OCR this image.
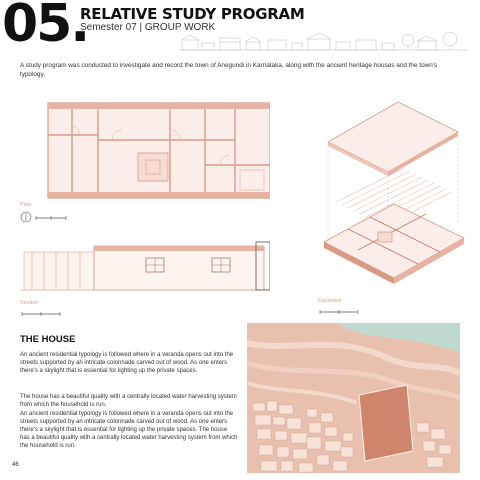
05.
RELATIVE STUDY PROGRAM
Semester 07 | GROUP WORK
A study program was conducted to investigate and record the town of Anegundi in Karnataka, along with the ancient heritage houses and the town's typology.
Plan
Section	Exploded
THE HOUSE
An ancient residential typology is followed where in a veranda opens out into the streets supported by an intricate colonnade carved out of wood. As one enters there's a skylight that is essential for lighting up the private spaces.
The house has a beautiful quality with a centrally located water harvesting system from which the household is run.
An ancient residential typology is followed where in a veranda opens out into the streets supported by an intricate colonnade carved out of wood. As one enters there's a skylight that is essential for lighting up the private spaces. The house has a beautiful quality with a centrally located water harvesting system from which the household is run.
46
